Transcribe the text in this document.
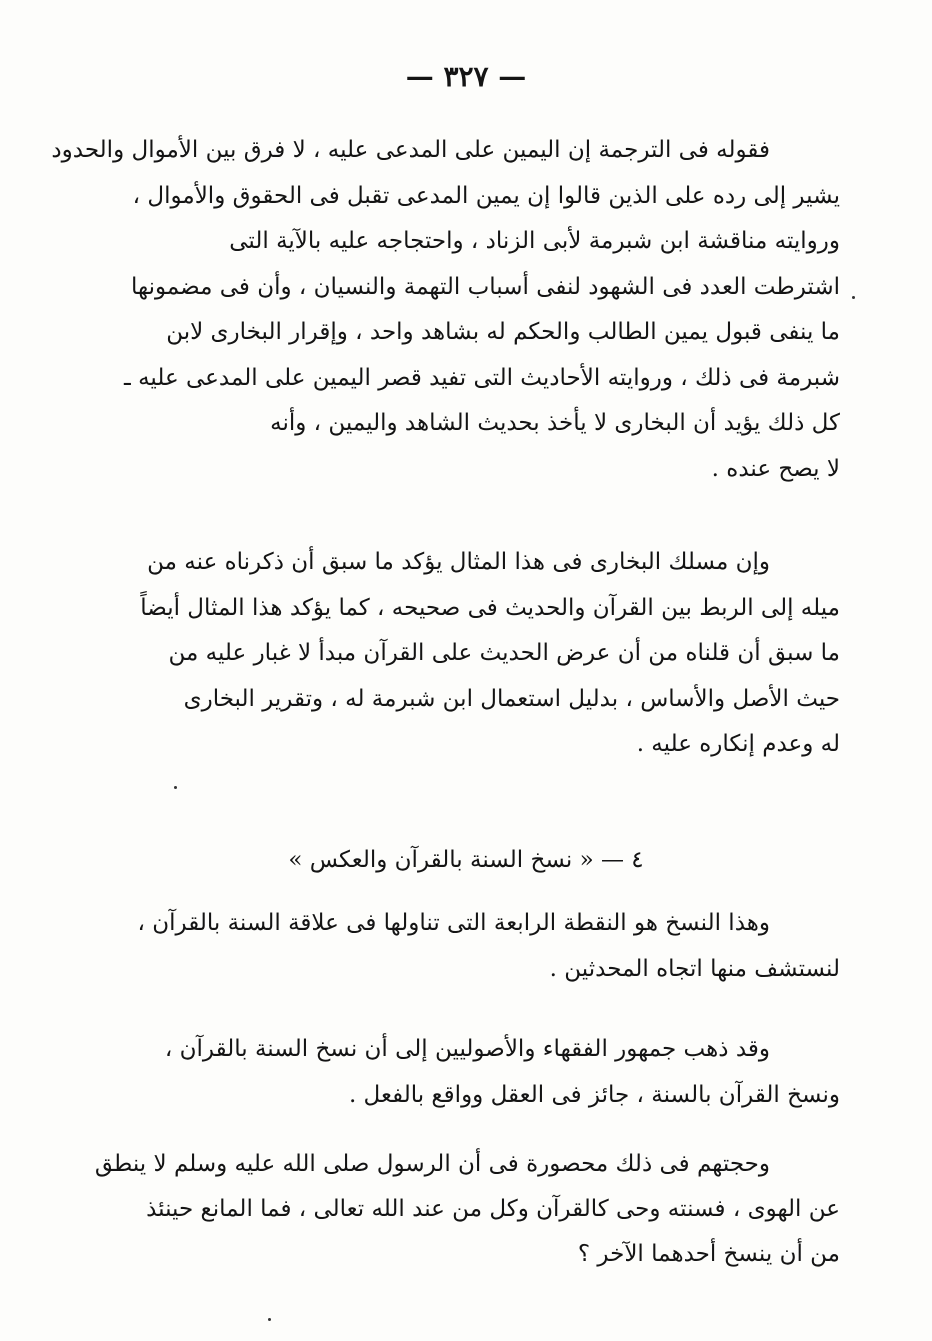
— ٣٢٧ —

فقوله فى الترجمة إن اليمين على المدعى عليه ، لا فرق بين الأموال والحدود
يشير إلى رده على الذين قالوا إن يمين المدعى تقبل فى الحقوق والأموال ،
وروايته مناقشة ابن شبرمة لأبى الزناد ، واحتجاجه عليه بالآية التى
اشترطت العدد فى الشهود لنفى أسباب التهمة والنسيان ، وأن فى مضمونها
ما ينفى قبول يمين الطالب والحكم له بشاهد واحد ، وإقرار البخارى لابن
شبرمة فى ذلك ، وروايته الأحاديث التى تفيد قصر اليمين على المدعى عليه ـ
كل ذلك يؤيد أن البخارى لا يأخذ بحديث الشاهد واليمين ، وأنه
لا يصح عنده .

وإن مسلك البخارى فى هذا المثال يؤكد ما سبق أن ذكرناه عنه من
ميله إلى الربط بين القرآن والحديث فى صحيحه ، كما يؤكد هذا المثال أيضاً
ما سبق أن قلناه من أن عرض الحديث على القرآن مبدأ لا غبار عليه من
حيث الأصل والأساس ، بدليل استعمال ابن شبرمة له ، وتقرير البخارى
له وعدم إنكاره عليه .

٤ — « نسخ السنة بالقرآن والعكس »

وهذا النسخ هو النقطة الرابعة التى تناولها فى علاقة السنة بالقرآن ،
لنستشف منها اتجاه المحدثين .

وقد ذهب جمهور الفقهاء والأصوليين إلى أن نسخ السنة بالقرآن ،
ونسخ القرآن بالسنة ، جائز فى العقل وواقع بالفعل .

وحجتهم فى ذلك محصورة فى أن الرسول صلى الله عليه وسلم لا ينطق
عن الهوى ، فسنته وحى كالقرآن وكل من عند الله تعالى ، فما المانع حينئذ
من أن ينسخ أحدهما الآخر ؟
